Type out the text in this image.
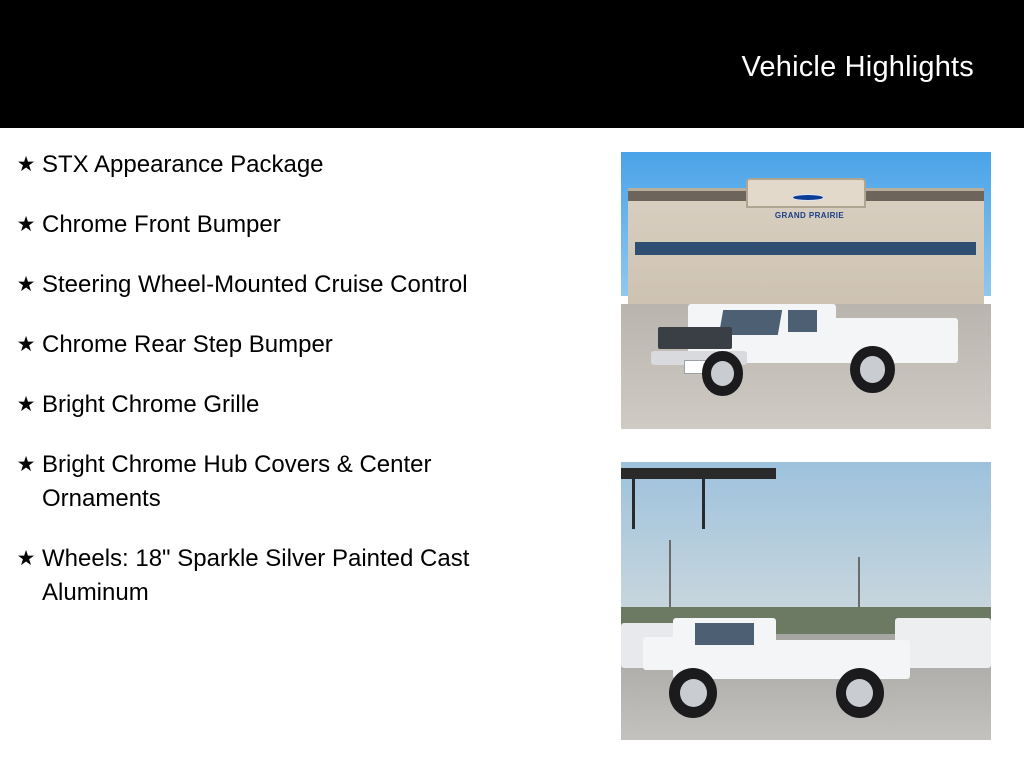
Vehicle Highlights
★ STX Appearance Package
★ Chrome Front Bumper
★ Steering Wheel-Mounted Cruise Control
★ Chrome Rear Step Bumper
★ Bright Chrome Grille
★ Bright Chrome Hub Covers & Center Ornaments
★ Wheels: 18" Sparkle Silver Painted Cast Aluminum
GRAND PRAIRIE
